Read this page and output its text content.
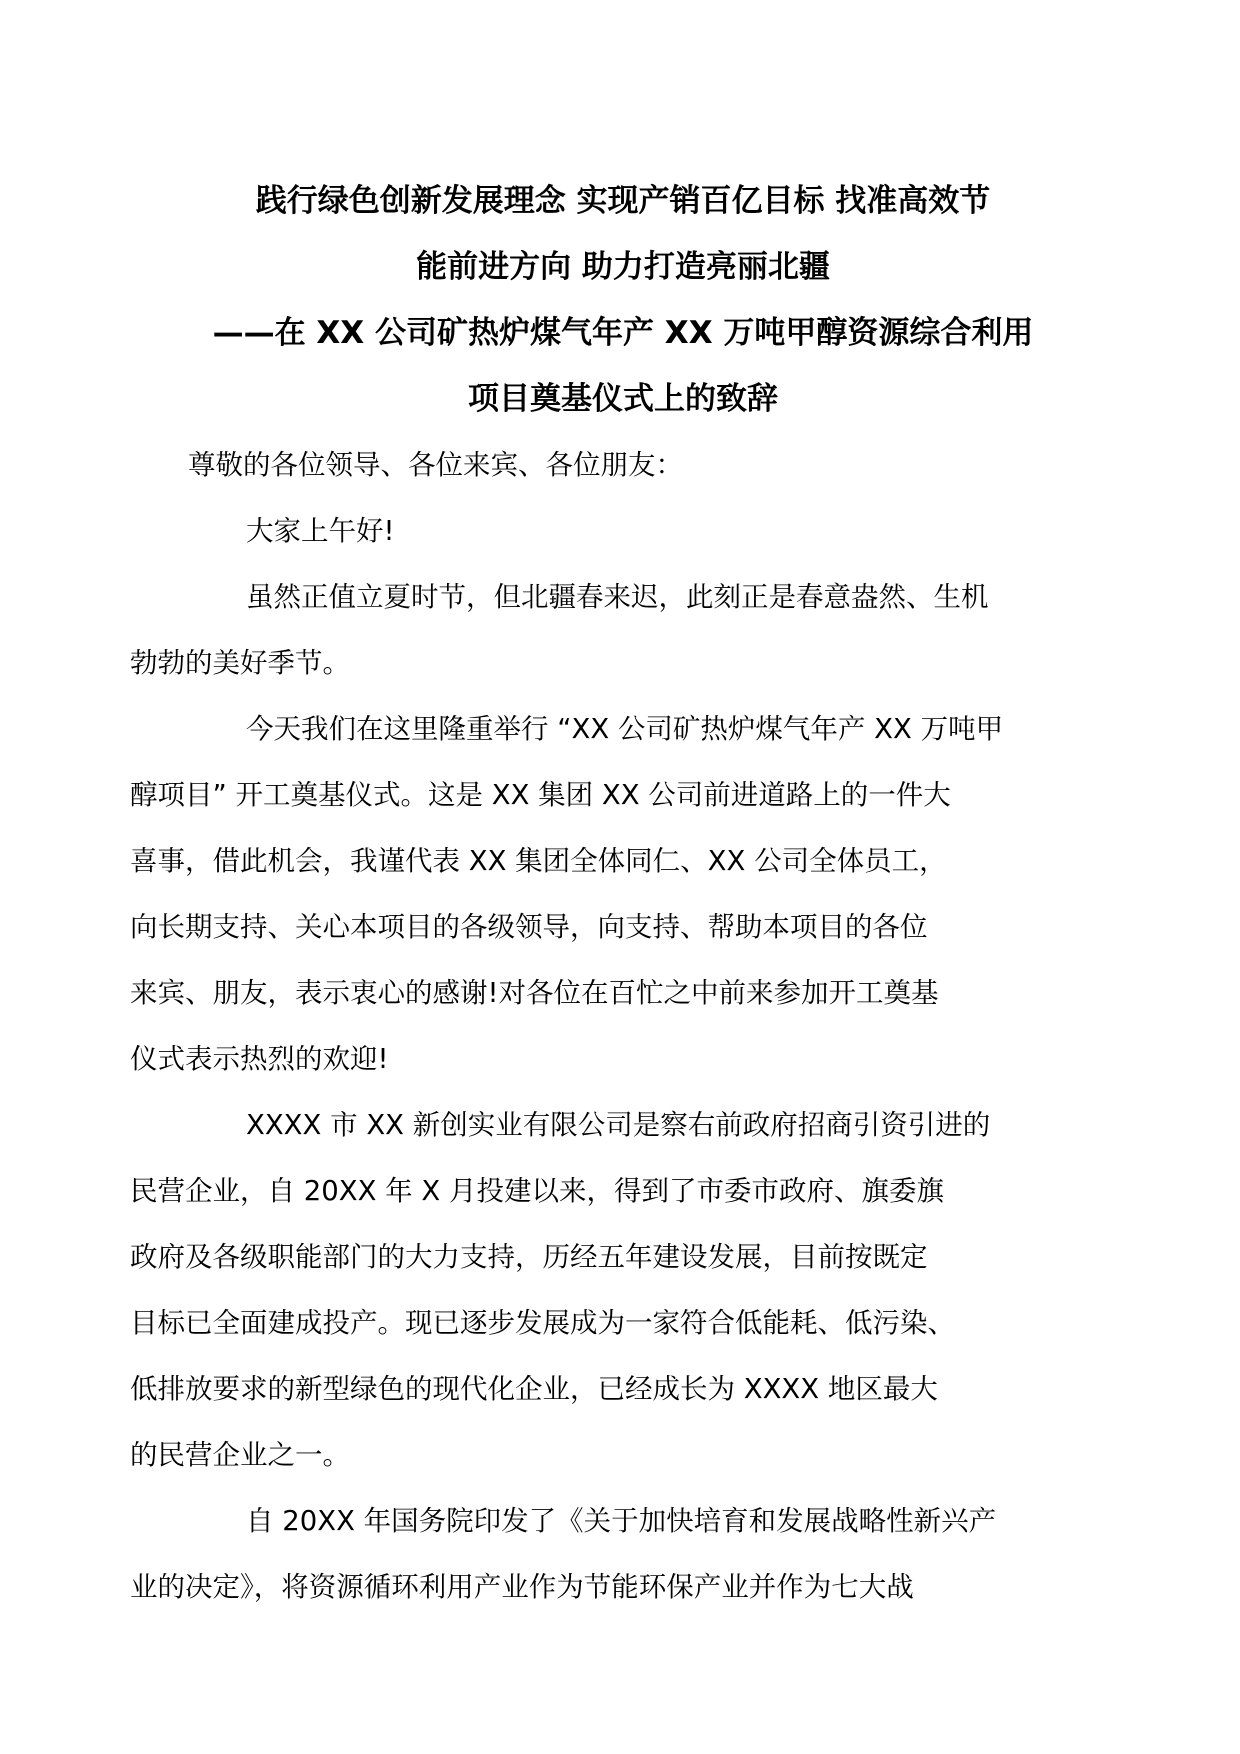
践行绿色创新发展理念 实现产销百亿目标 找准高效节
能前进方向 助力打造亮丽北疆
——在 XX 公司矿热炉煤气年产 XX 万吨甲醇资源综合利用
项目奠基仪式上的致辞

尊敬的各位领导、各位来宾、各位朋友：

大家上午好!

虽然正值立夏时节，但北疆春来迟，此刻正是春意盎然、生机
勃勃的美好季节。

今天我们在这里隆重举行 “XX 公司矿热炉煤气年产 XX 万吨甲
醇项目” 开工奠基仪式。这是 XX 集团 XX 公司前进道路上的一件大
喜事，借此机会，我谨代表 XX 集团全体同仁、XX 公司全体员工，
向长期支持、关心本项目的各级领导，向支持、帮助本项目的各位
来宾、朋友，表示衷心的感谢!对各位在百忙之中前来参加开工奠基
仪式表示热烈的欢迎!

XXXX 市 XX 新创实业有限公司是察右前政府招商引资引进的
民营企业，自 20XX 年 X 月投建以来，得到了市委市政府、旗委旗
政府及各级职能部门的大力支持，历经五年建设发展，目前按既定
目标已全面建成投产。现已逐步发展成为一家符合低能耗、低污染、
低排放要求的新型绿色的现代化企业，已经成长为 XXXX 地区最大
的民营企业之一。

自 20XX 年国务院印发了《关于加快培育和发展战略性新兴产
业的决定》，将资源循环利用产业作为节能环保产业并作为七大战
